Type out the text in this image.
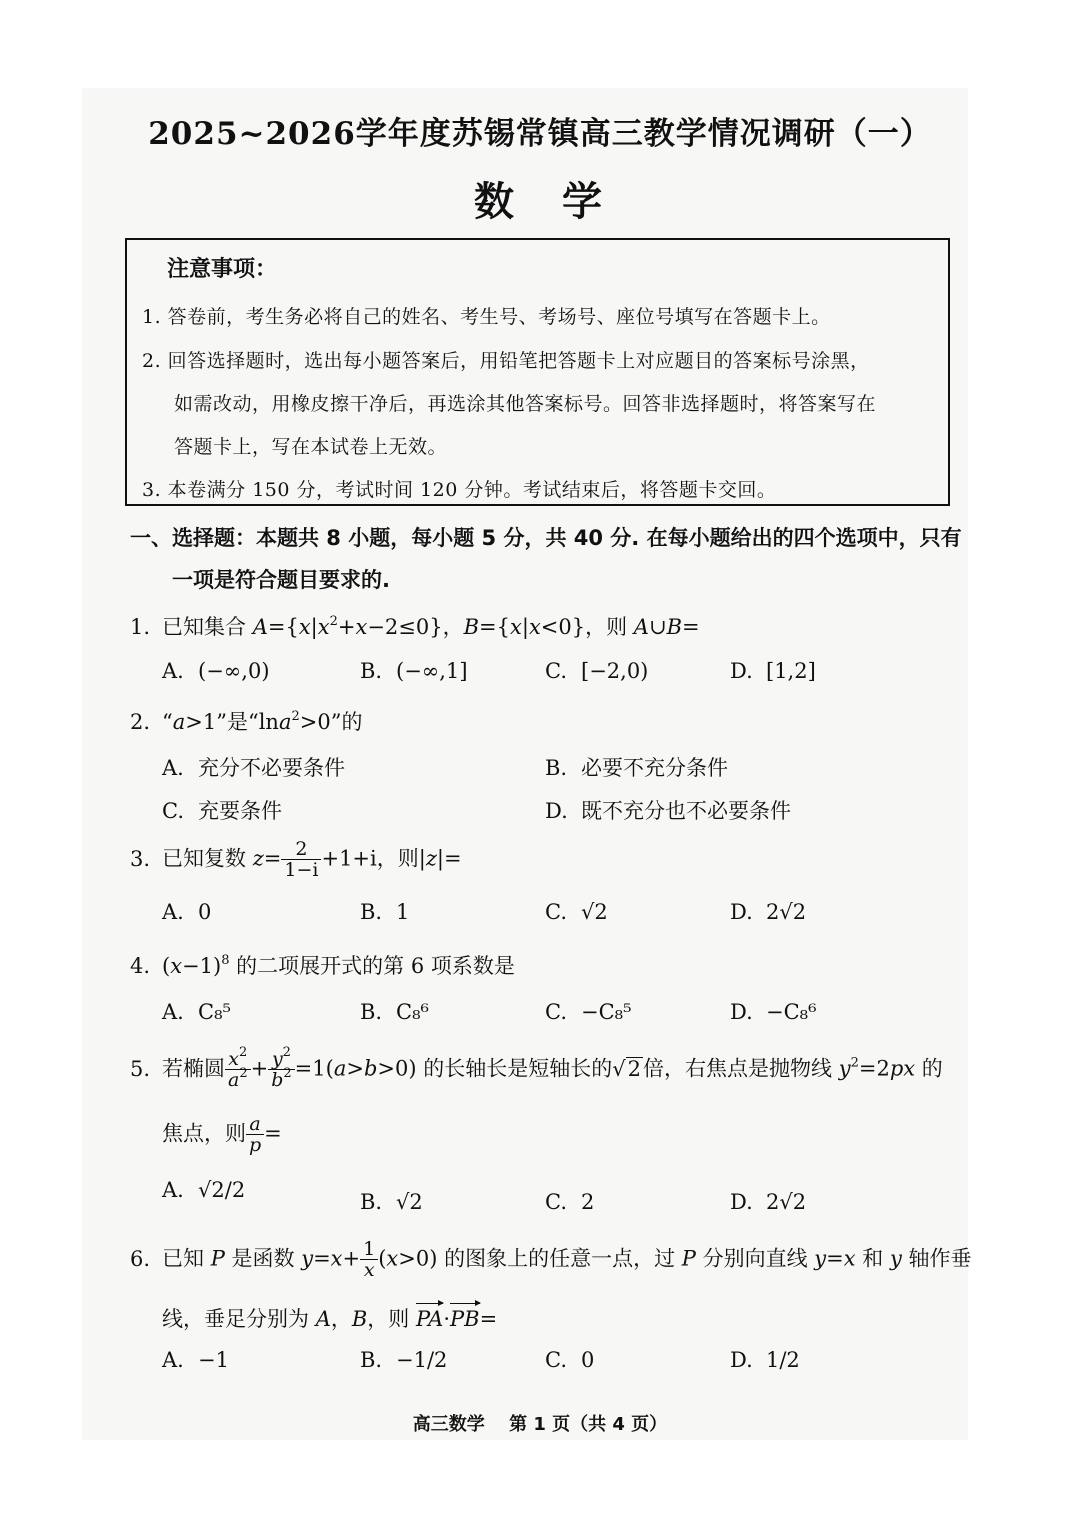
2025~2026学年度苏锡常镇高三教学情况调研（一）
数　学
注意事项：
1. 答卷前，考生务必将自己的姓名、考生号、考场号、座位号填写在答题卡上。
2. 回答选择题时，选出每小题答案后，用铅笔把答题卡上对应题目的答案标号涂黑，
如需改动，用橡皮擦干净后，再选涂其他答案标号。回答非选择题时，将答案写在
答题卡上，写在本试卷上无效。
3. 本卷满分 150 分，考试时间 120 分钟。考试结束后，将答题卡交回。
一、选择题：本题共 8 小题，每小题 5 分，共 40 分. 在每小题给出的四个选项中，只有
一项是符合题目要求的.
1. 已知集合 $A=\{x|x^2+x-2\le 0\}$，B={x|x<0}，则 A∪B=
A. (−∞,0)	B. (−∞,1]	C. [−2,0)	D. [1,2]
2. “a>1”是“lna$^2$>0”的
A. 充分不必要条件	B. 必要不充分条件
C. 充要条件	D. 既不充分也不必要条件
3. 已知复数 $z= \frac{2}{1-i} +1+i$，则|z|=
A. 0	B. 1	C. √2	D. 2√2
4. $(x-1)^8$ 的二项展开式的第 6 项系数是
A. C₈⁵	B. C₈⁶	C. −C₈⁵	D. −C₈⁶
5. 若椭圆 $\frac{x^2}{a^2} + \frac{y^2}{b^2} =1(a>b>0)$ 的长轴长是短轴长的√2倍，右焦点是抛物线 $y^2=2px$ 的
焦点，则 $\frac{a}{p}$ =
A. √2/2	B. √2	C. 2	D. 2√2
6. 已知 P 是函数 $y=x+ \frac{1}{x} (x>0)$ 的图象上的任意一点，过 P 分别向直线 y=x 和 y 轴作垂
线，垂足分别为 A，B，则 PA
·PB
=
A. −1	B. −1/2	C. 0	D. 1/2
高三数学　 第 1 页（共 4 页）
